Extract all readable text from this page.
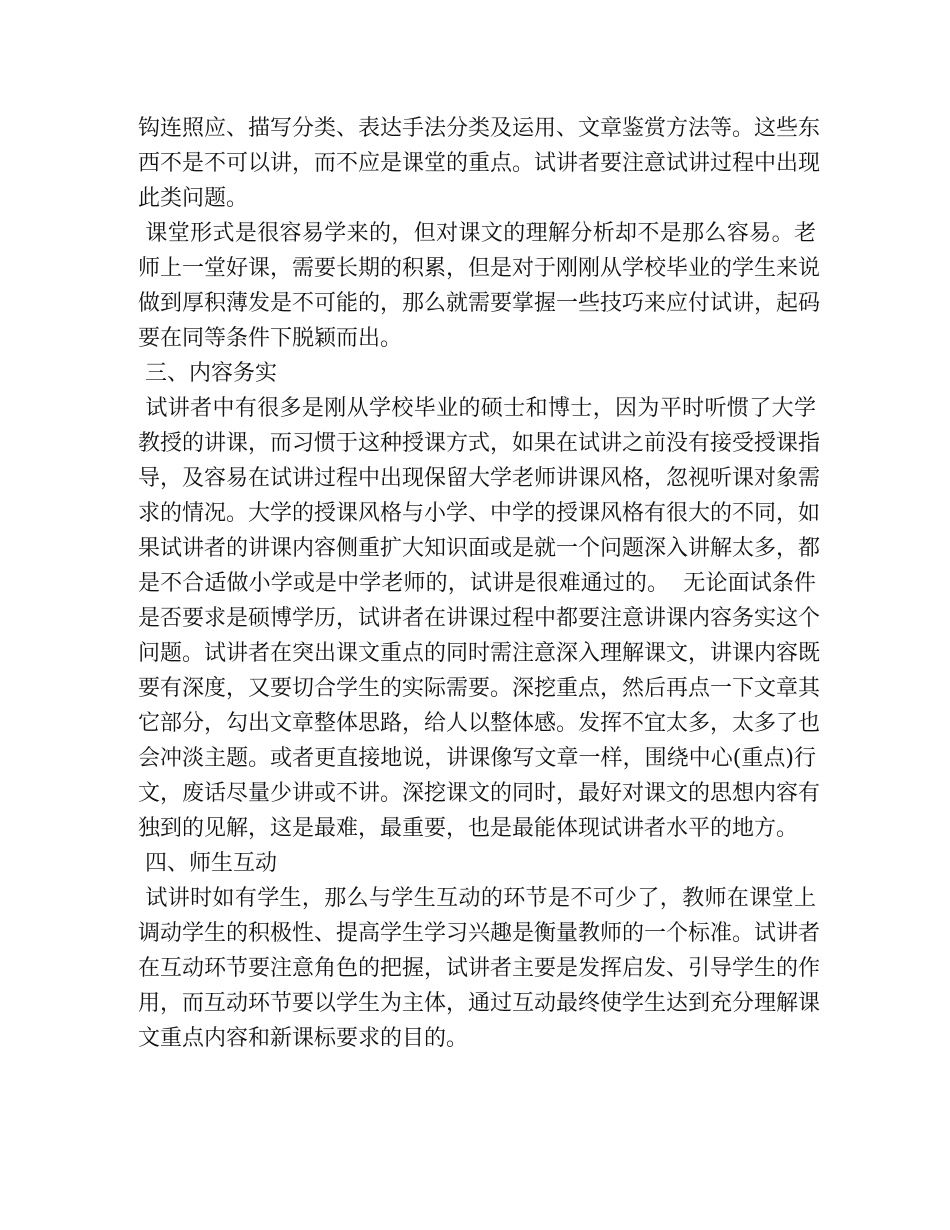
钩连照应、描写分类、表达手法分类及运用、文章鉴赏方法等。这些东
西不是不可以讲，而不应是课堂的重点。试讲者要注意试讲过程中出现
此类问题。
课堂形式是很容易学来的，但对课文的理解分析却不是那么容易。老
师上一堂好课，需要长期的积累，但是对于刚刚从学校毕业的学生来说
做到厚积薄发是不可能的，那么就需要掌握一些技巧来应付试讲，起码
要在同等条件下脱颖而出。
三、内容务实
试讲者中有很多是刚从学校毕业的硕士和博士，因为平时听惯了大学
教授的讲课，而习惯于这种授课方式，如果在试讲之前没有接受授课指
导，及容易在试讲过程中出现保留大学老师讲课风格，忽视听课对象需
求的情况。大学的授课风格与小学、中学的授课风格有很大的不同，如
果试讲者的讲课内容侧重扩大知识面或是就一个问题深入讲解太多，都
是不合适做小学或是中学老师的，试讲是很难通过的。  无论面试条件
是否要求是硕博学历，试讲者在讲课过程中都要注意讲课内容务实这个
问题。试讲者在突出课文重点的同时需注意深入理解课文，讲课内容既
要有深度，又要切合学生的实际需要。深挖重点，然后再点一下文章其
它部分，勾出文章整体思路，给人以整体感。发挥不宜太多，太多了也
会冲淡主题。或者更直接地说，讲课像写文章一样，围绕中心(重点)行
文，废话尽量少讲或不讲。深挖课文的同时，最好对课文的思想内容有
独到的见解，这是最难，最重要，也是最能体现试讲者水平的地方。
四、师生互动
试讲时如有学生，那么与学生互动的环节是不可少了，教师在课堂上
调动学生的积极性、提高学生学习兴趣是衡量教师的一个标准。试讲者
在互动环节要注意角色的把握，试讲者主要是发挥启发、引导学生的作
用，而互动环节要以学生为主体，通过互动最终使学生达到充分理解课
文重点内容和新课标要求的目的。
